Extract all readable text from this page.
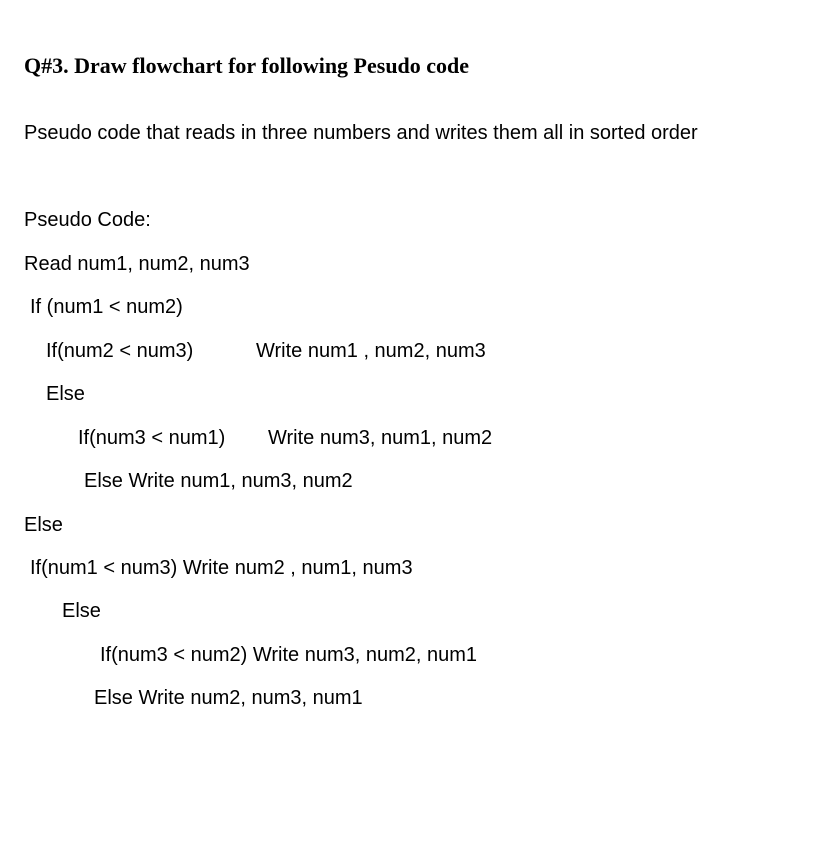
Q#3. Draw flowchart for following Pesudo code
Pseudo code that reads in three numbers and writes them all in sorted order
Pseudo Code:
Read num1, num2, num3
If (num1 < num2)
If(num2 < num3)	Write num1 , num2, num3
Else
If(num3 < num1) Write num3, num1, num2
Else Write num1, num3, num2
Else
If(num1 < num3) Write num2 , num1, num3
Else
If(num3 < num2) Write num3, num2, num1
Else Write num2, num3, num1
